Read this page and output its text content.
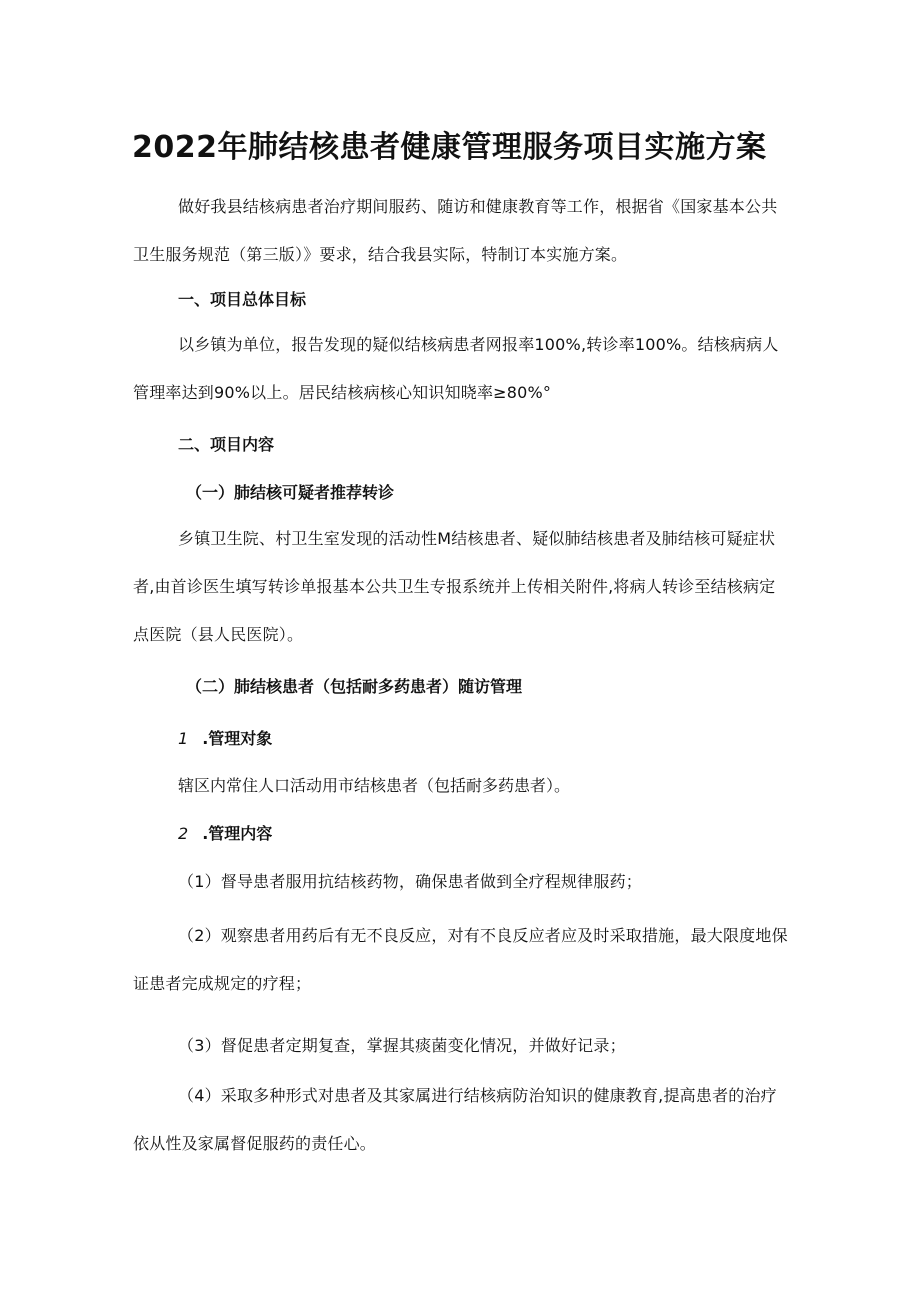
2022年肺结核患者健康管理服务项目实施方案

做好我县结核病患者治疗期间服药、随访和健康教育等工作，根据省《国家基本公共卫生服务规范（第三版）》要求，结合我县实际，特制订本实施方案。

一、项目总体目标

以乡镇为单位，报告发现的疑似结核病患者网报率100%,转诊率100%。结核病病人管理率达到90%以上。居民结核病核心知识知晓率≥80%°

二、项目内容
（一）肺结核可疑者推荐转诊

乡镇卫生院、村卫生室发现的活动性M结核患者、疑似肺结核患者及肺结核可疑症状者,由首诊医生填写转诊单报基本公共卫生专报系统并上传相关附件,将病人转诊至结核病定点医院（县人民医院）。

（二）肺结核患者（包括耐多药患者）随访管理
1 .管理对象
辖区内常住人口活动用市结核患者（包括耐多药患者）。
2 .管理内容

（1）督导患者服用抗结核药物，确保患者做到全疗程规律服药；

（2）观察患者用药后有无不良反应，对有不良反应者应及时采取措施，最大限度地保证患者完成规定的疗程；

（3）督促患者定期复查，掌握其痰菌变化情况，并做好记录；

（4）采取多种形式对患者及其家属进行结核病防治知识的健康教育,提高患者的治疗依从性及家属督促服药的责任心。
